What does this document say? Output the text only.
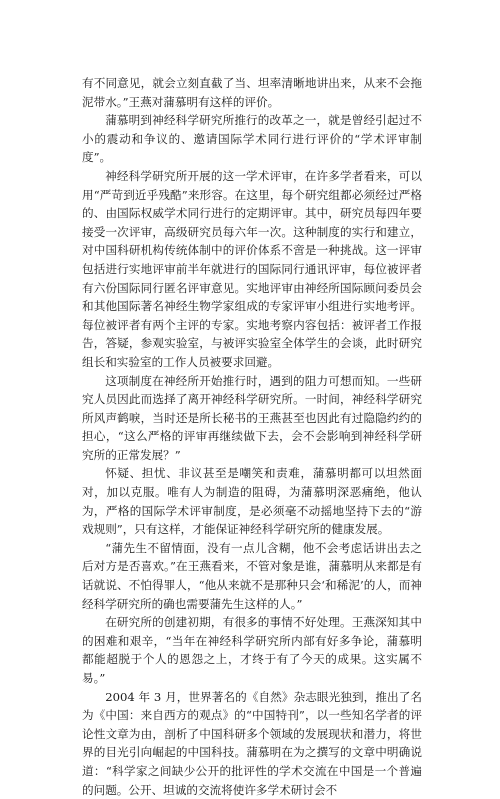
有不同意见，就会立刻直截了当、坦率清晰地讲出来，从来不会拖泥带水。”王燕对蒲慕明有这样的评价。

蒲慕明到神经科学研究所推行的改革之一，就是曾经引起过不小的震动和争议的、邀请国际学术同行进行评价的“学术评审制度”。

神经科学研究所开展的这一学术评审，在许多学者看来，可以用“严苛到近乎残酷”来形容。在这里，每个研究组都必须经过严格的、由国际权威学术同行进行的定期评审。其中，研究员每四年要接受一次评审，高级研究员每六年一次。这种制度的实行和建立，对中国科研机构传统体制中的评价体系不啻是一种挑战。这一评审包括进行实地评审前半年就进行的国际同行通讯评审，每位被评者有六份国际同行匿名评审意见。实地评审由神经所国际顾问委员会和其他国际著名神经生物学家组成的专家评审小组进行实地考评。每位被评者有两个主评的专家。实地考察内容包括：被评者工作报告，答疑，参观实验室，与被评实验室全体学生的会谈，此时研究组长和实验室的工作人员被要求回避。

这项制度在神经所开始推行时，遇到的阻力可想而知。一些研究人员因此而选择了离开神经科学研究所。一时间，神经科学研究所风声鹤唳，当时还是所长秘书的王燕甚至也因此有过隐隐约约的担心，“这么严格的评审再继续做下去，会不会影响到神经科学研究所的正常发展？”

怀疑、担忧、非议甚至是嘲笑和责难，蒲慕明都可以坦然面对，加以克服。唯有人为制造的阻碍，为蒲慕明深恶痛绝，他认为，严格的国际学术评审制度，是必须毫不动摇地坚持下去的“游戏规则”，只有这样，才能保证神经科学研究所的健康发展。

“蒲先生不留情面，没有一点儿含糊，他不会考虑话讲出去之后对方是否喜欢。”在王燕看来，不管对象是谁，蒲慕明从来都是有话就说、不怕得罪人，“他从来就不是那种只会‘和稀泥’的人，而神经科学研究所的确也需要蒲先生这样的人。”

在研究所的创建初期，有很多的事情不好处理。王燕深知其中的困难和艰辛，“当年在神经科学研究所内部有好多争论，蒲慕明都能超脱于个人的恩怨之上，才终于有了今天的成果。这实属不易。”

2004 年 3 月，世界著名的《自然》杂志眼光独到，推出了名为《中国：来自西方的观点》的“中国特刊”，以一些知名学者的评论性文章为由，剖析了中国科研多个领域的发展现状和潜力，将世界的目光引向崛起的中国科技。蒲慕明在为之撰写的文章中明确说道：“科学家之间缺少公开的批评性的学术交流在中国是一个普遍的问题。公开、坦诚的交流将使许多学术研讨会不
